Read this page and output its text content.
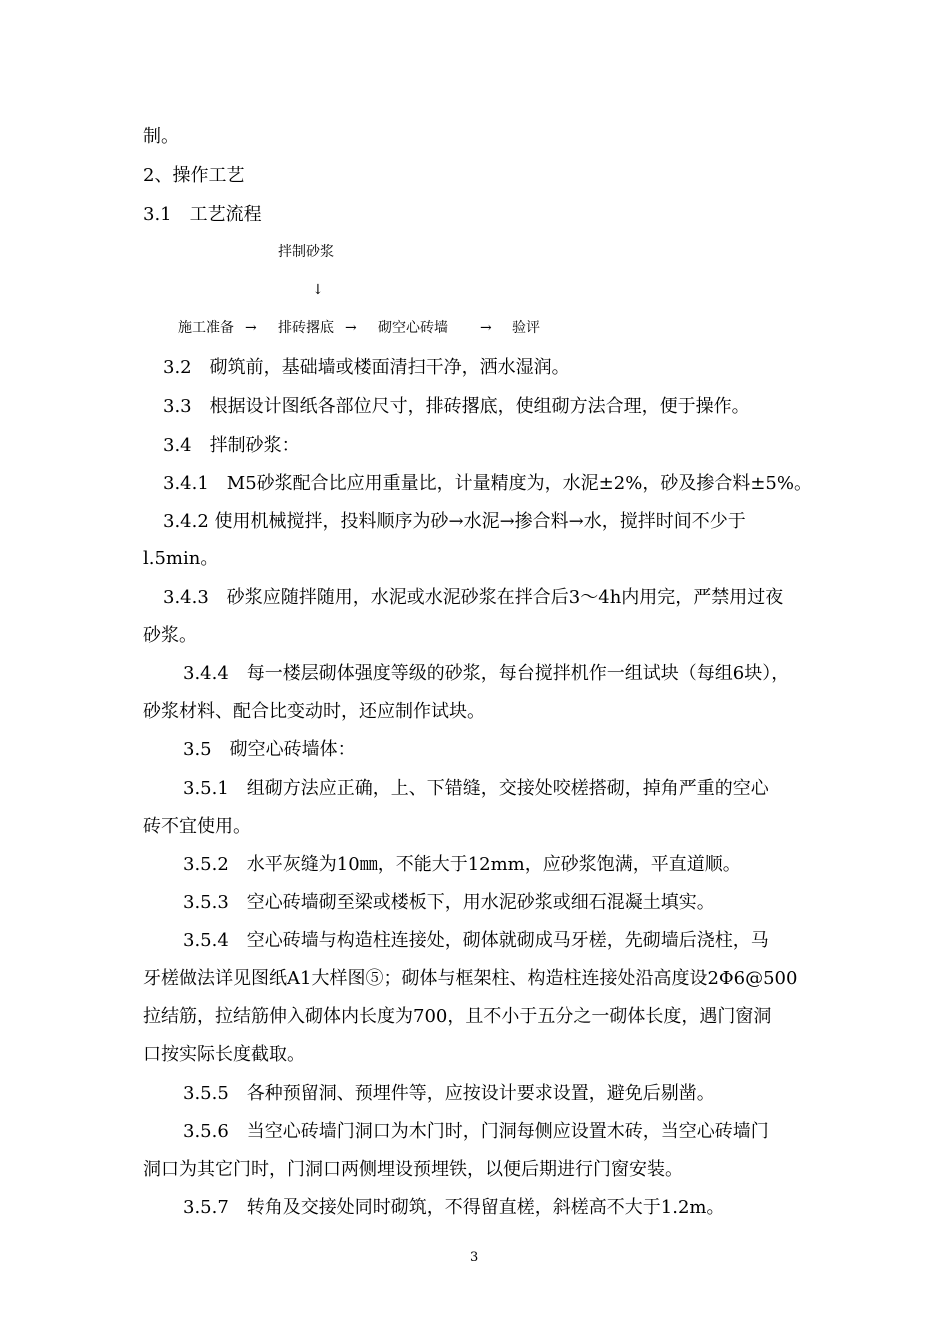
制。
2、操作工艺
3.1　工艺流程
拌制砂浆
↓
施工准备 → 排砖撂底 → 砌空心砖墙 → 验评
3.2　砌筑前，基础墙或楼面清扫干净，洒水湿润。
3.3　根据设计图纸各部位尺寸，排砖撂底，使组砌方法合理，便于操作。
3.4　拌制砂浆：
3.4.1　M5砂浆配合比应用重量比，计量精度为，水泥±2%，砂及掺合料±5%。
3.4.2 使用机械搅拌，投料顺序为砂→水泥→掺合料→水，搅拌时间不少于
l.5min。
3.4.3　砂浆应随拌随用，水泥或水泥砂浆在拌合后3～4h内用完，严禁用过夜
砂浆。
3.4.4　每一楼层砌体强度等级的砂浆，每台搅拌机作一组试块（每组6块），
砂浆材料、配合比变动时，还应制作试块。
3.5　砌空心砖墙体：
3.5.1　组砌方法应正确，上、下错缝，交接处咬槎搭砌，掉角严重的空心
砖不宜使用。
3.5.2　水平灰缝为10㎜，不能大于12mm，应砂浆饱满，平直道顺。
3.5.3　空心砖墙砌至梁或楼板下，用水泥砂浆或细石混凝土填实。
3.5.4　空心砖墙与构造柱连接处，砌体就砌成马牙槎，先砌墙后浇柱，马
牙槎做法详见图纸A1大样图⑤；砌体与框架柱、构造柱连接处沿高度设2Φ6@500
拉结筋，拉结筋伸入砌体内长度为700，且不小于五分之一砌体长度，遇门窗洞
口按实际长度截取。
3.5.5　各种预留洞、预埋件等，应按设计要求设置，避免后剔凿。
3.5.6　当空心砖墙门洞口为木门时，门洞每侧应设置木砖，当空心砖墙门
洞口为其它门时，门洞口两侧埋设预埋铁，以便后期进行门窗安装。
3.5.7　转角及交接处同时砌筑，不得留直槎，斜槎高不大于1.2m。
3
